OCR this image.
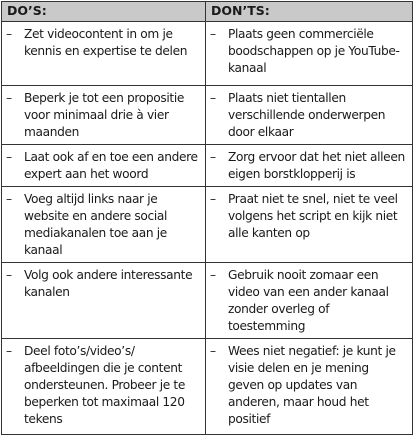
DO’S:	DON’TS:

– Zet videocontent in om je kennis en expertise te delen	– Plaats geen commerciële boodschappen op je YouTube-kanaal

– Beperk je tot een propositie voor minimaal drie à vier maanden	– Plaats niet tientallen verschillende onderwerpen door elkaar

– Laat ook af en toe een andere expert aan het woord	– Zorg ervoor dat het niet alleen eigen borstklopperij is

– Voeg altijd links naar je website en andere social mediakanalen toe aan je kanaal	– Praat niet te snel, niet te veel volgens het script en kijk niet alle kanten op

– Volg ook andere interessante kanalen	– Gebruik nooit zomaar een video van een ander kanaal zonder overleg of toestemming

– Deel foto’s/video’s/ afbeeldingen die je content ondersteunen. Probeer je te beperken tot maximaal 120 tekens	– Wees niet negatief: je kunt je visie delen en je mening geven op updates van anderen, maar houd het positief
